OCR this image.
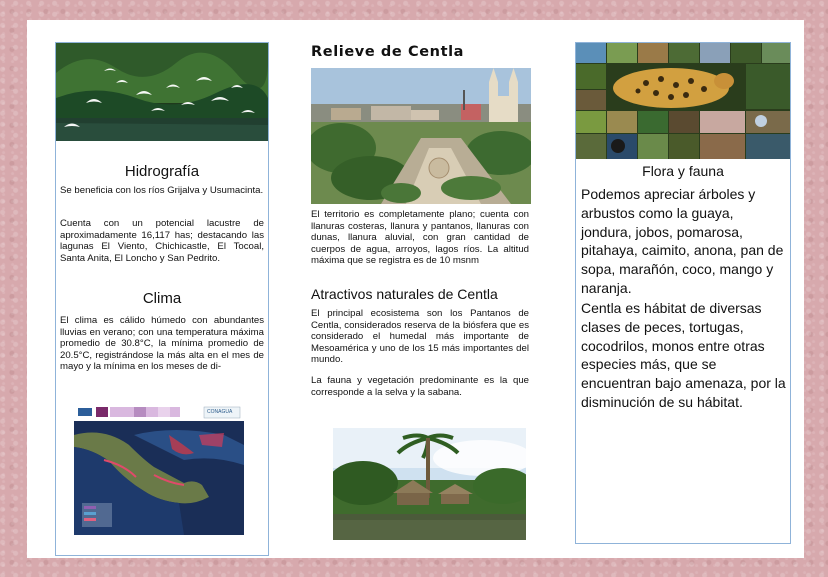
Hidrografía
Se beneficia con los ríos Grijalva y Usumacinta.
Cuenta con un potencial lacustre de aproximadamente 16,117 has; destacando las lagunas El Viento, Chichicastle, El Tocoal, Santa Anita, El Loncho y San Pedrito.
Clima
El clima es cálido húmedo con abundantes lluvias en verano; con una temperatura máxima promedio de 30.8°C, la mínima promedio de 20.5°C, registrándose la más alta en el mes de mayo y la mínima en los meses de di-
CONAGUA
Relieve de Centla
El territorio es completamente plano; cuenta con llanuras costeras, llanura y pantanos, llanuras con dunas, llanura aluvial, con gran cantidad de cuerpos de agua, arroyos, lagos ríos. La altitud máxima que se registra es de 10 msnm
Atractivos naturales de Centla
El principal ecosistema son los Pantanos de Centla, considerados reserva de la biósfera que es considerado el humedal más importante de Mesoamérica y uno de los 15 más importantes del mundo.
La fauna y vegetación predominante es la que corresponde a la selva y la sabana.
Flora y fauna
Podemos apreciar árboles y arbustos como la guaya, jondura, jobos, pomarosa, pitahaya, caimito, anona, pan de sopa, marañón, coco, mango y naranja.
Centla es hábitat de diversas clases de peces, tortugas, cocodrilos, monos entre otras especies más, que se encuentran bajo amenaza, por la disminución de su hábitat.
